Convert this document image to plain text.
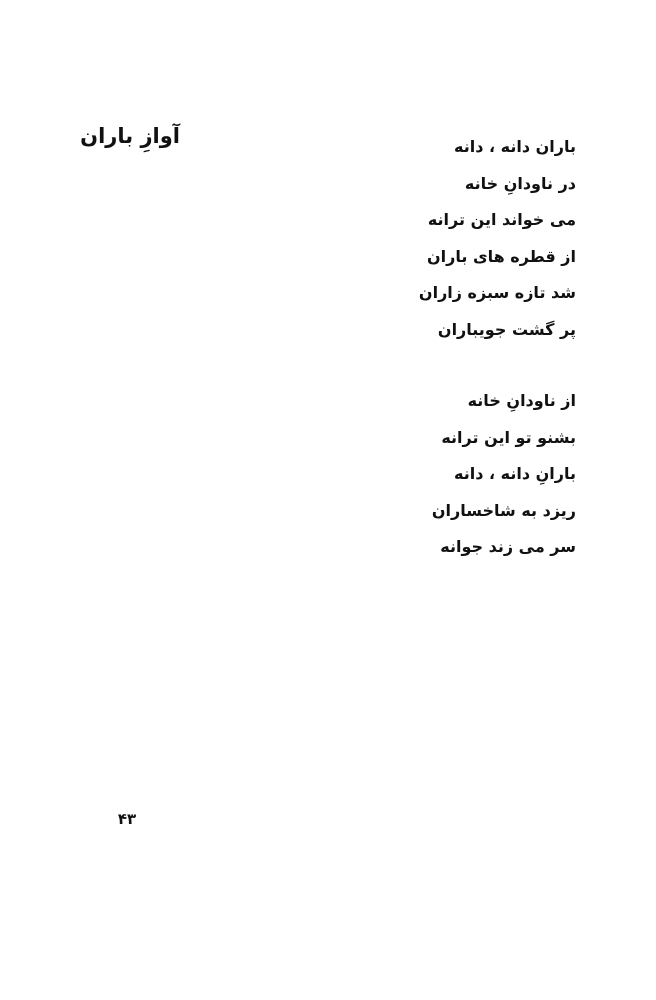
آوازِ باران	باران دانه ، دانه
در ناودانِ خانه
می خواند این ترانه
از قطره های باران
شد تازه سبزه زاران
پر گشت جویباران
از ناودانِ خانه
بشنو تو این ترانه
بارانِ دانه ، دانه
ریزد به شاخساران
سر می زند جوانه
۴۳
